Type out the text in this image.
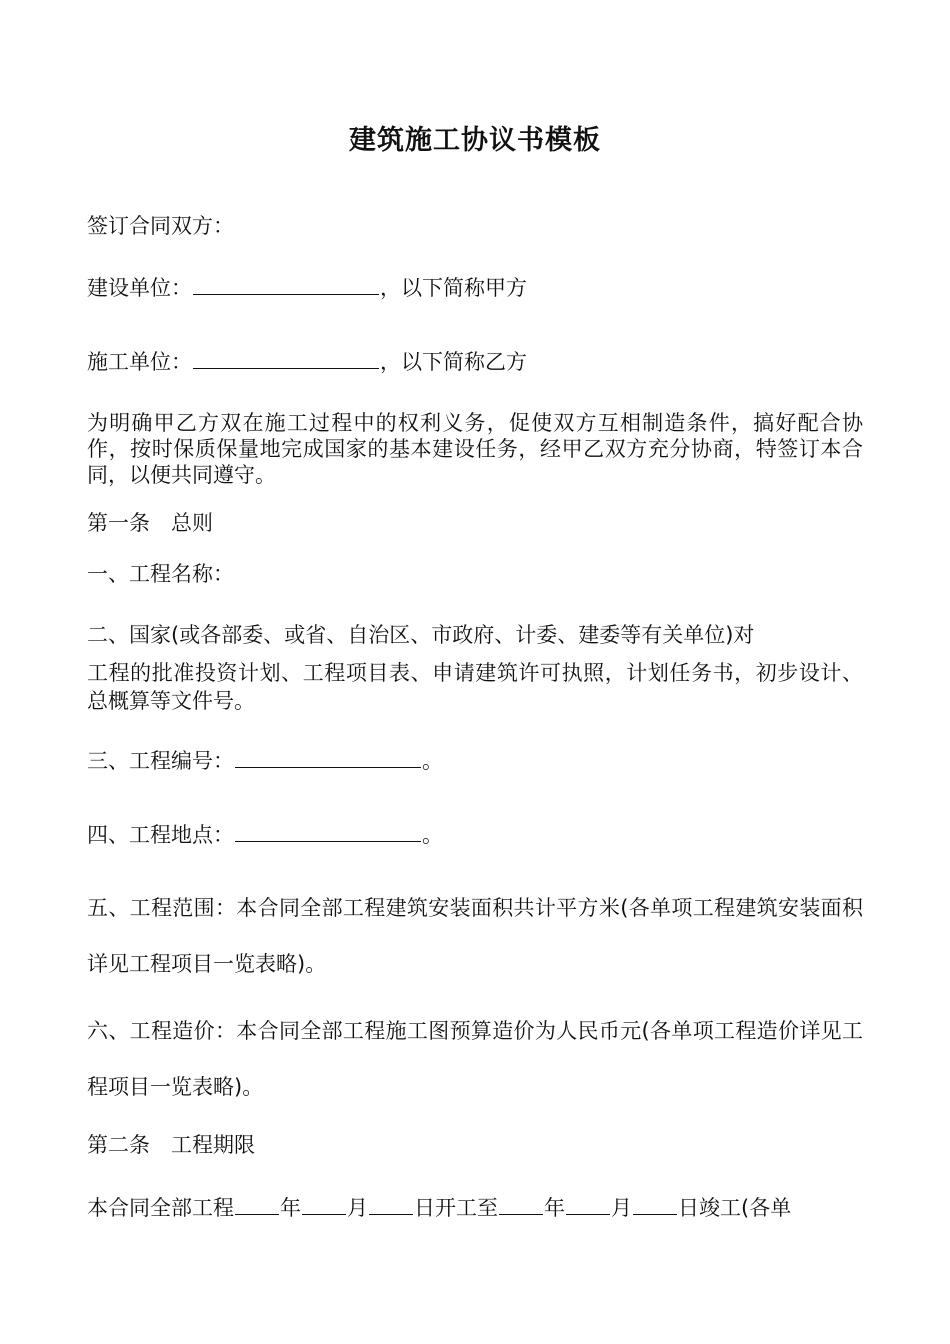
建筑施工协议书模板
签订合同双方：
建设单位：	，以下简称甲方
施工单位：	，以下简称乙方
为明确甲乙方双在施工过程中的权利义务，促使双方互相制造条件，搞好配合协作，按时保质保量地完成国家的基本建设任务，经甲乙双方充分协商，特签订本合同，以便共同遵守。
第一条　总则
一、工程名称：
二、国家(或各部委、或省、自治区、市政府、计委、建委等有关单位)对
工程的批准投资计划、工程项目表、申请建筑许可执照，计划任务书，初步设计、总概算等文件号。
三、工程编号：	。
四、工程地点：	。
五、工程范围：本合同全部工程建筑安装面积共计平方米(各单项工程建筑安装面积详见工程项目一览表略)。
六、工程造价：本合同全部工程施工图预算造价为人民币元(各单项工程造价详见工程项目一览表略)。
第二条　工程期限
本合同全部工程 年 月 日开工至 年 月 日竣工(各单
